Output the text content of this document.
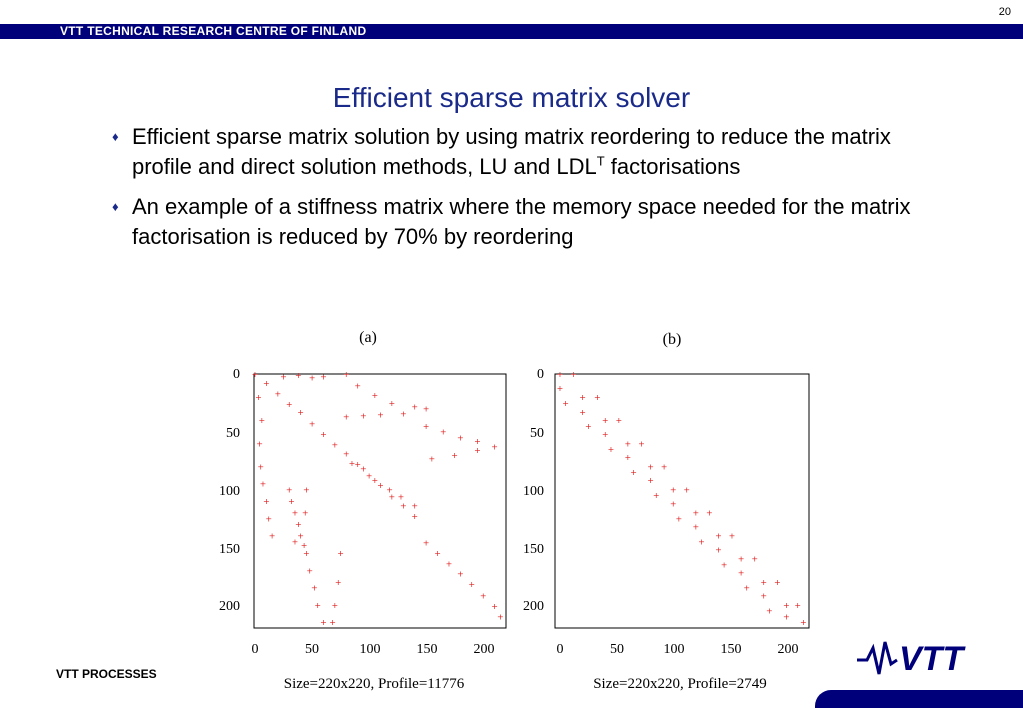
20
VTT TECHNICAL RESEARCH CENTRE OF FINLAND
Efficient sparse matrix solver
♦ Efficient sparse matrix solution by using matrix reordering to reduce the matrix profile and direct solution methods, LU and $LDL^T$ factorisations
♦ An example of a stiffness matrix where the memory space needed for the matrix factorisation is reduced by 70% by reordering
(a)
+
+
+
+
+
+
+
+
+
+
+
+
+
+
+
+
+
+
+
+
+
+
+
+
+
+
+
+
+
+
+
+
+
+
+
+
+
+
+
+
+
+
+
+
+
+
+
+
+
+
+
+
+
+
+
+
+
+
+ + +
+ + + +
+
+
+ +
+
+ +
+
+ + + +
0
50
100
150
200
0	50	100	150	200
Size=220x220, Profile=11776
(b)
+
+
+
+
+
+
+
+
+
+
+
+
+
+
+
+
+
+
+
+
+
+
+
+
+
+
+
+
+
+
+
+
+
+
+
+
+
+
+
+
+
+
+
+
0
50
100
150
200
0	50	100	150	200
Size=220x220, Profile=2749
VTT PROCESSES	VTT
